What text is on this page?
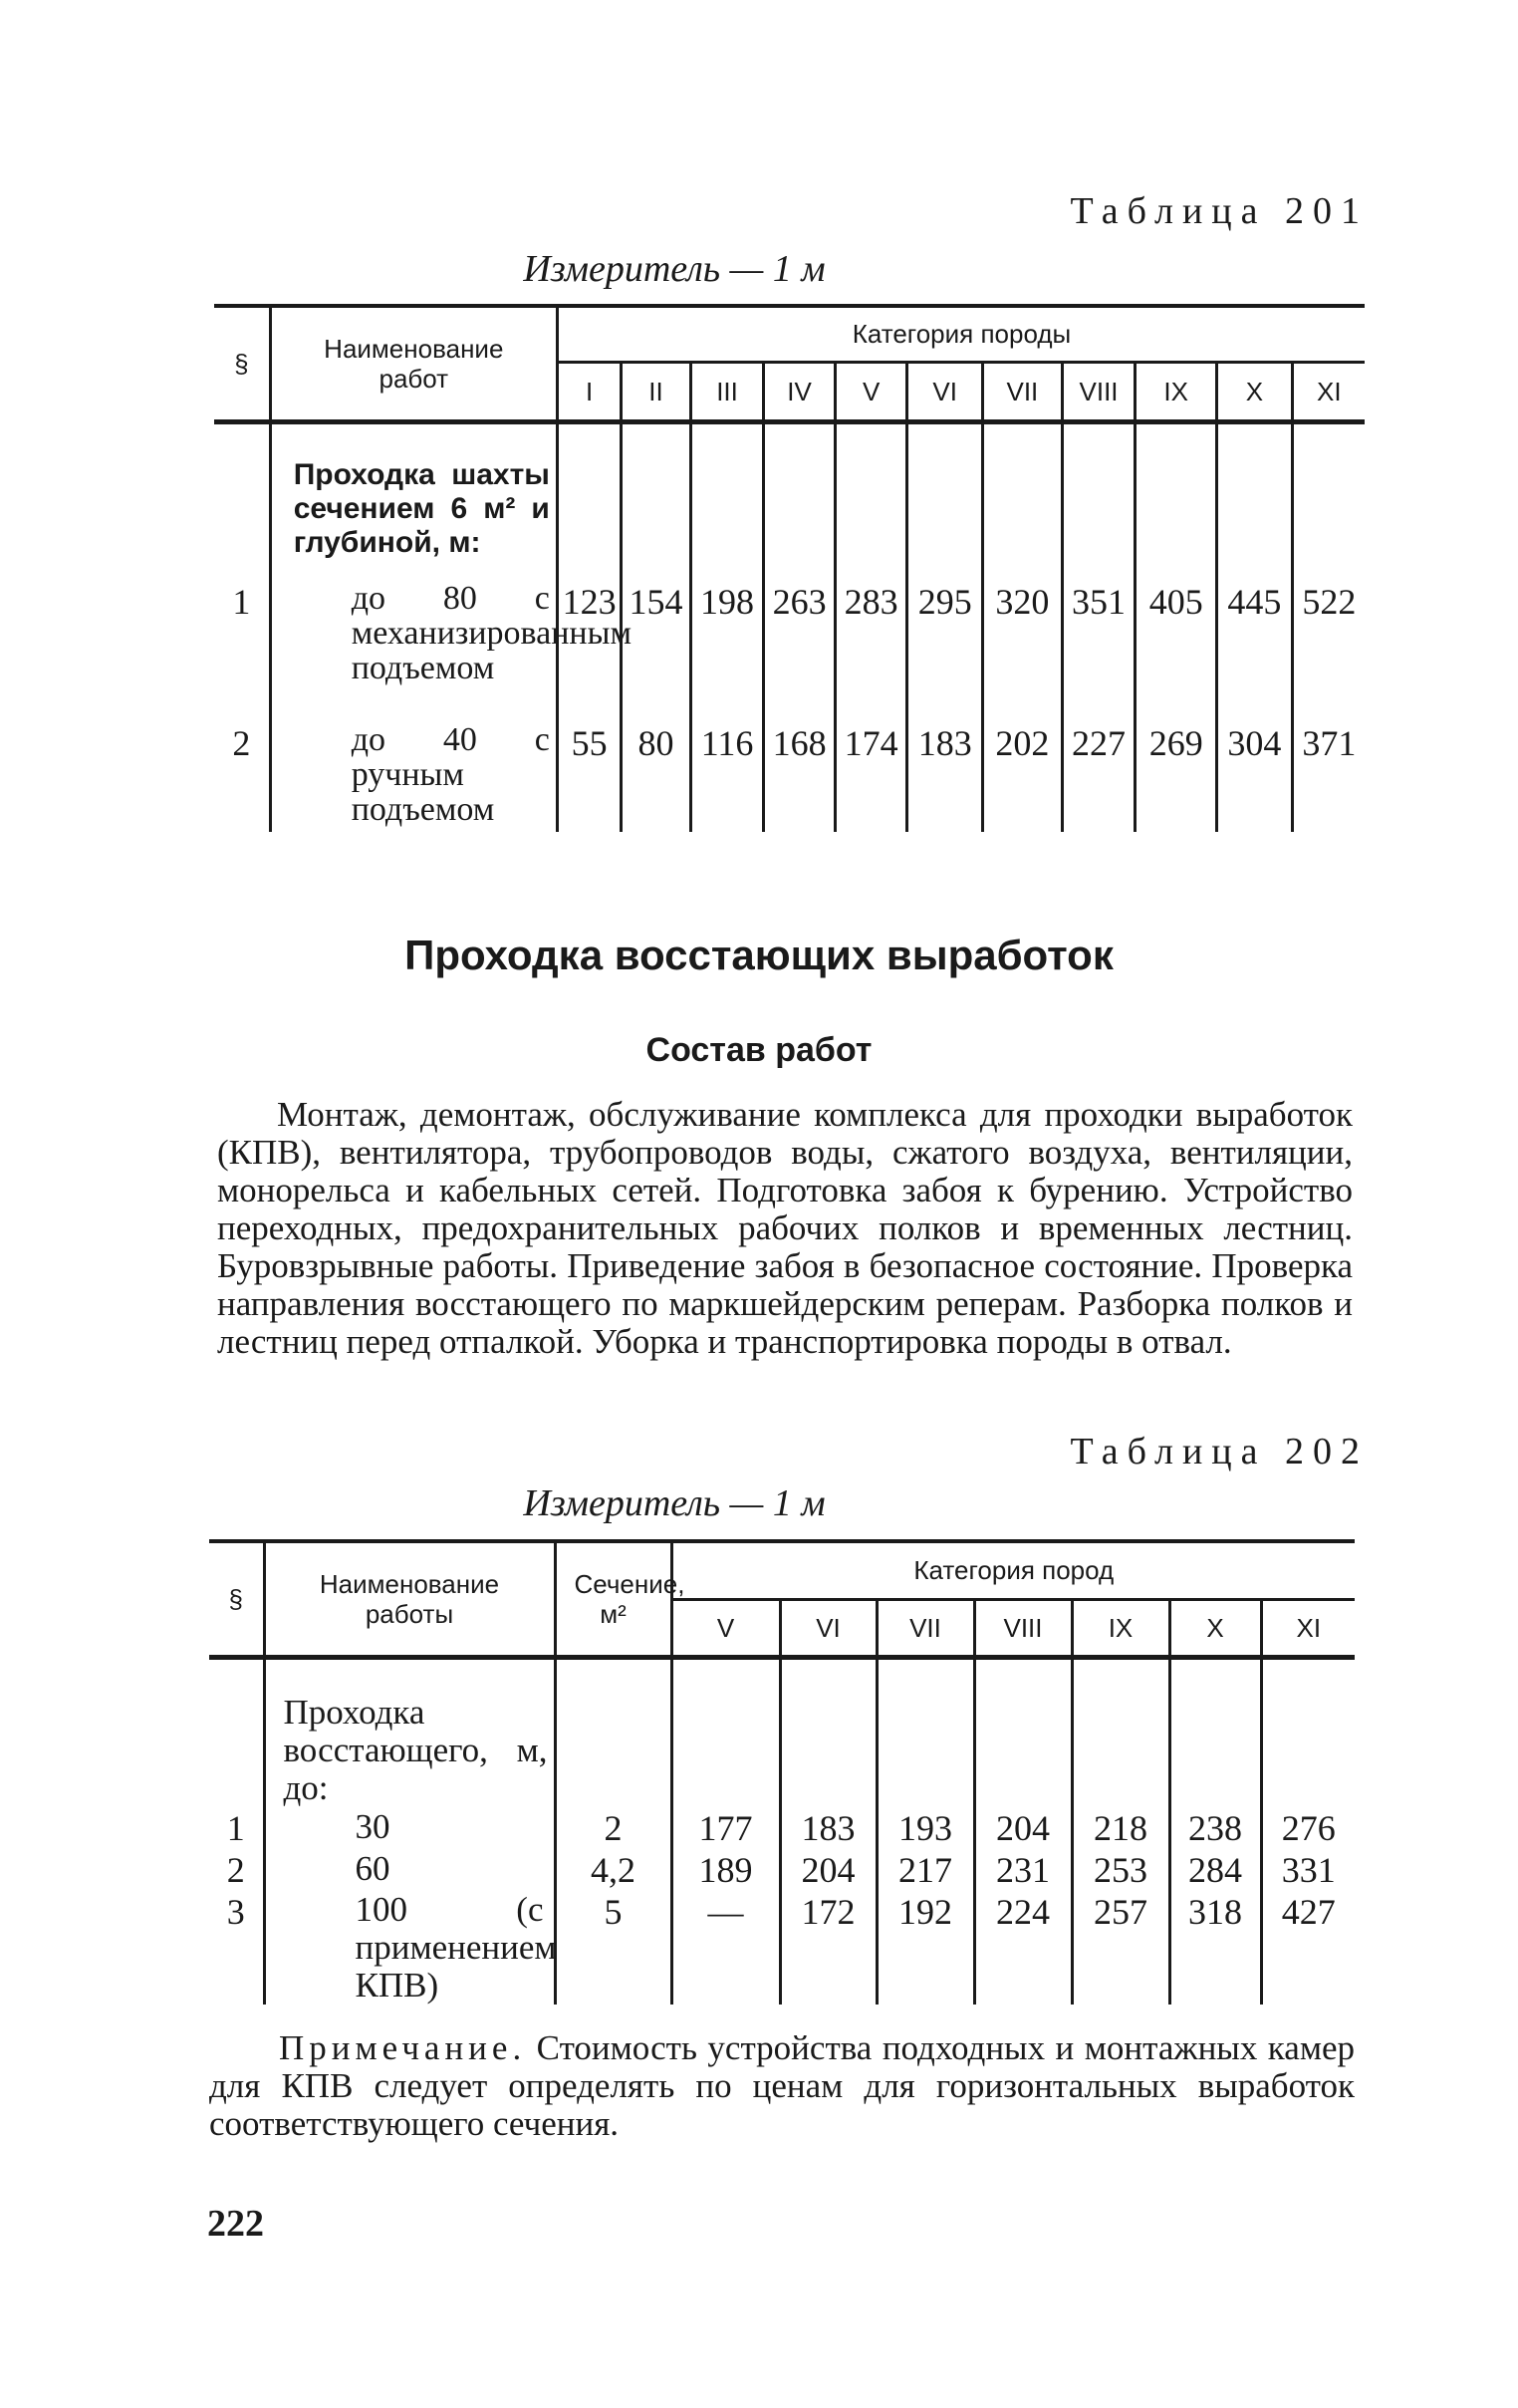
Таблица 201
Измеритель — 1 м
§	Наименование работ	Категория породы										
		I	II	III	IV	V	VI	VII	VIII	IX	X	XI

	Проходка шахты сечением 6 м² и глубиной, м:											

1	до 80 с механизированным подъемом	123	154	198	263	283	295	320	351	405	445	522
2	до 40 с ручным подъемом	55	80	116	168	174	183	202	227	269	304	371
Проходка восстающих выработок
Состав работ

Монтаж, демонтаж, обслуживание комплекса для проходки выработок (КПВ), вентилятора, трубопроводов воды, сжатого воздуха, вентиляции, монорельса и кабельных сетей. Подготовка забоя к бурению. Устройство переходных, предохранительных рабочих полков и временных лестниц. Буровзрывные работы. Приведение забоя в безопасное состояние. Проверка направления восстающего по маркшейдерским реперам. Разборка полков и лестниц перед отпалкой. Уборка и транспортировка породы в отвал.

Таблица 202
Измеритель — 1 м
§	Наименование работы	Сечение, м²	Категория пород						
			V	VI	VII	VIII	IX	X	XI

	Проходка восстающего, м, до:								

1	30	2	177	183	193	204	218	238	276
2	60	4,2	189	204	217	231	253	284	331
3	100 (с применением КПВ)	5	—	172	192	224	257	318	427

Примечание. Стоимость устройства подходных и монтажных камер для КПВ следует определять по ценам для горизонтальных выработок соответствующего сечения.

222
